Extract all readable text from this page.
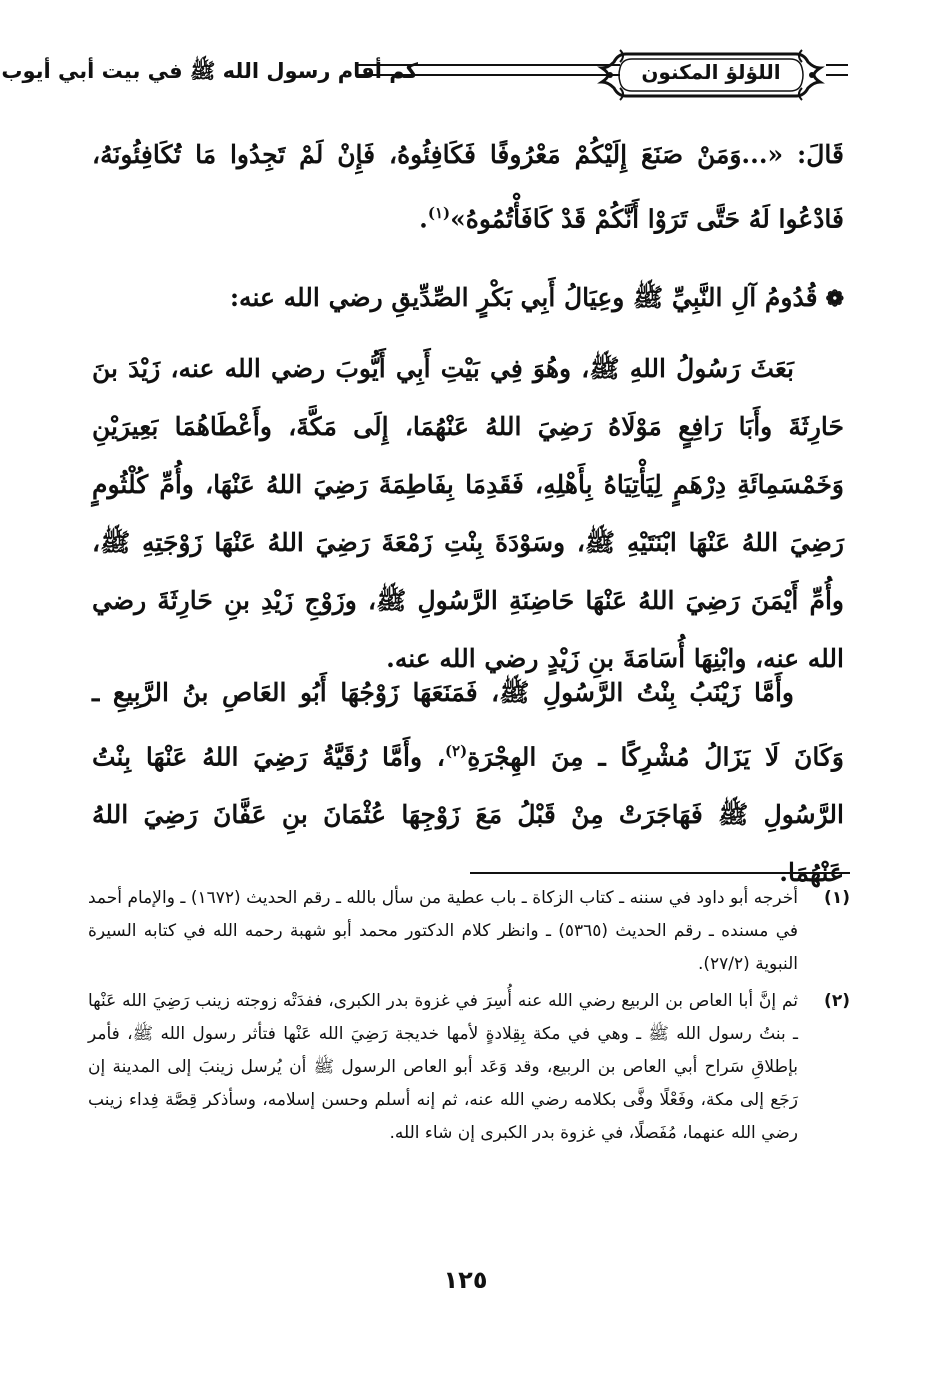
كم أقام رسول الله ﷺ في بيت أبي أيوب	اللؤلؤ المكنون
قَالَ: «...وَمَنْ صَنَعَ إِلَيْكُمْ مَعْرُوفًا فَكَافِئُوهُ، فَإِنْ لَمْ تَجِدُوا مَا تُكَافِئُونَهُ، فَادْعُوا لَهُ حَتَّى تَرَوْا أَنَّكُمْ قَدْ كَافَأْتُمُوهُ»$^{(١)}$.
❁قُدُومُ آلِ النَّبِيِّ ﷺ وعِيَالُ أَبِي بَكْرٍ الصِّدِّيقِ رضي الله عنه:

بَعَثَ رَسُولُ اللهِ ﷺ، وهُوَ فِي بَيْتِ أَبِي أَيُّوبَ رضي الله عنه، زَيْدَ بنَ حَارِثَةَ وأَبَا رَافِعٍ مَوْلَاهُ رَضِيَ اللهُ عَنْهُمَا، إِلَى مَكَّةَ، وأَعْطَاهُمَا بَعِيرَيْنِ وَخَمْسَمِائَةِ دِرْهَمٍ لِيَأْتِيَاهُ بِأَهْلِهِ، فَقَدِمَا بِفَاطِمَةَ رَضِيَ اللهُ عَنْهَا، وأُمِّ كُلْثُومٍ رَضِيَ اللهُ عَنْهَا ابْنَتَيْهِ ﷺ، وسَوْدَةَ بِنْتِ زَمْعَةَ رَضِيَ اللهُ عَنْهَا زَوْجَتِهِ ﷺ، وأُمِّ أَيْمَنَ رَضِيَ اللهُ عَنْهَا حَاضِنَةِ الرَّسُولِ ﷺ، وزَوْجِ زَيْدِ بنِ حَارِثَةَ رضي الله عنه، وابْنِهَا أُسَامَةَ بنِ زَيْدٍ رضي الله عنه.

وأَمَّا زَيْنَبُ بِنْتُ الرَّسُولِ ﷺ، فَمَنَعَهَا زَوْجُهَا أَبُو العَاصِ بنُ الرَّبِيعِ ـ وَكَانَ لَا يَزَالُ مُشْرِكًا ـ مِنَ الهِجْرَةِ$^{(٢)}$، وأَمَّا رُقَيَّةُ رَضِيَ اللهُ عَنْهَا بِنْتُ الرَّسُولِ ﷺ فَهَاجَرَتْ مِنْ قَبْلُ مَعَ زَوْجِهَا عُثْمَانَ بنِ عَفَّانَ رَضِيَ اللهُ عَنْهُمَا.

(١)
أخرجه أبو داود في سننه ـ كتاب الزكاة ـ باب عطية من سأل بالله ـ رقم الحديث (١٦٧٢) ـ والإمام أحمد في مسنده ـ رقم الحديث (٥٣٦٥) ـ وانظر كلام الدكتور محمد أبو شهبة رحمه الله في كتابه السيرة النبوية (٢٧/٢).
(٢)
ثم إنَّ أبا العاص بن الربيع رضي الله عنه أُسِرَ في غزوة بدر الكبرى، ففدَتْه زوجته زينب رَضِيَ الله عَنْها ـ بنتُ رسول الله ﷺ ـ وهي في مكة بِقِلادةٍ لأمها خديجة رَضِيَ الله عَنْها فتأثر رسول الله ﷺ، فأمر بإطلاقِ سَراح أبي العاص بن الربيع، وقد وَعَد أبو العاص الرسول ﷺ أن يُرسل زينبَ إلى المدينة إن رَجَع إلى مكة، وفَعْلًا وفَّى بكلامه رضي الله عنه، ثم إنه أسلم وحسن إسلامه، وسأذكر قِصَّة فِداء زينب رضي الله عنهما، مُفَصلًا، في غزوة بدر الكبرى إن شاء الله.
١٢٥
